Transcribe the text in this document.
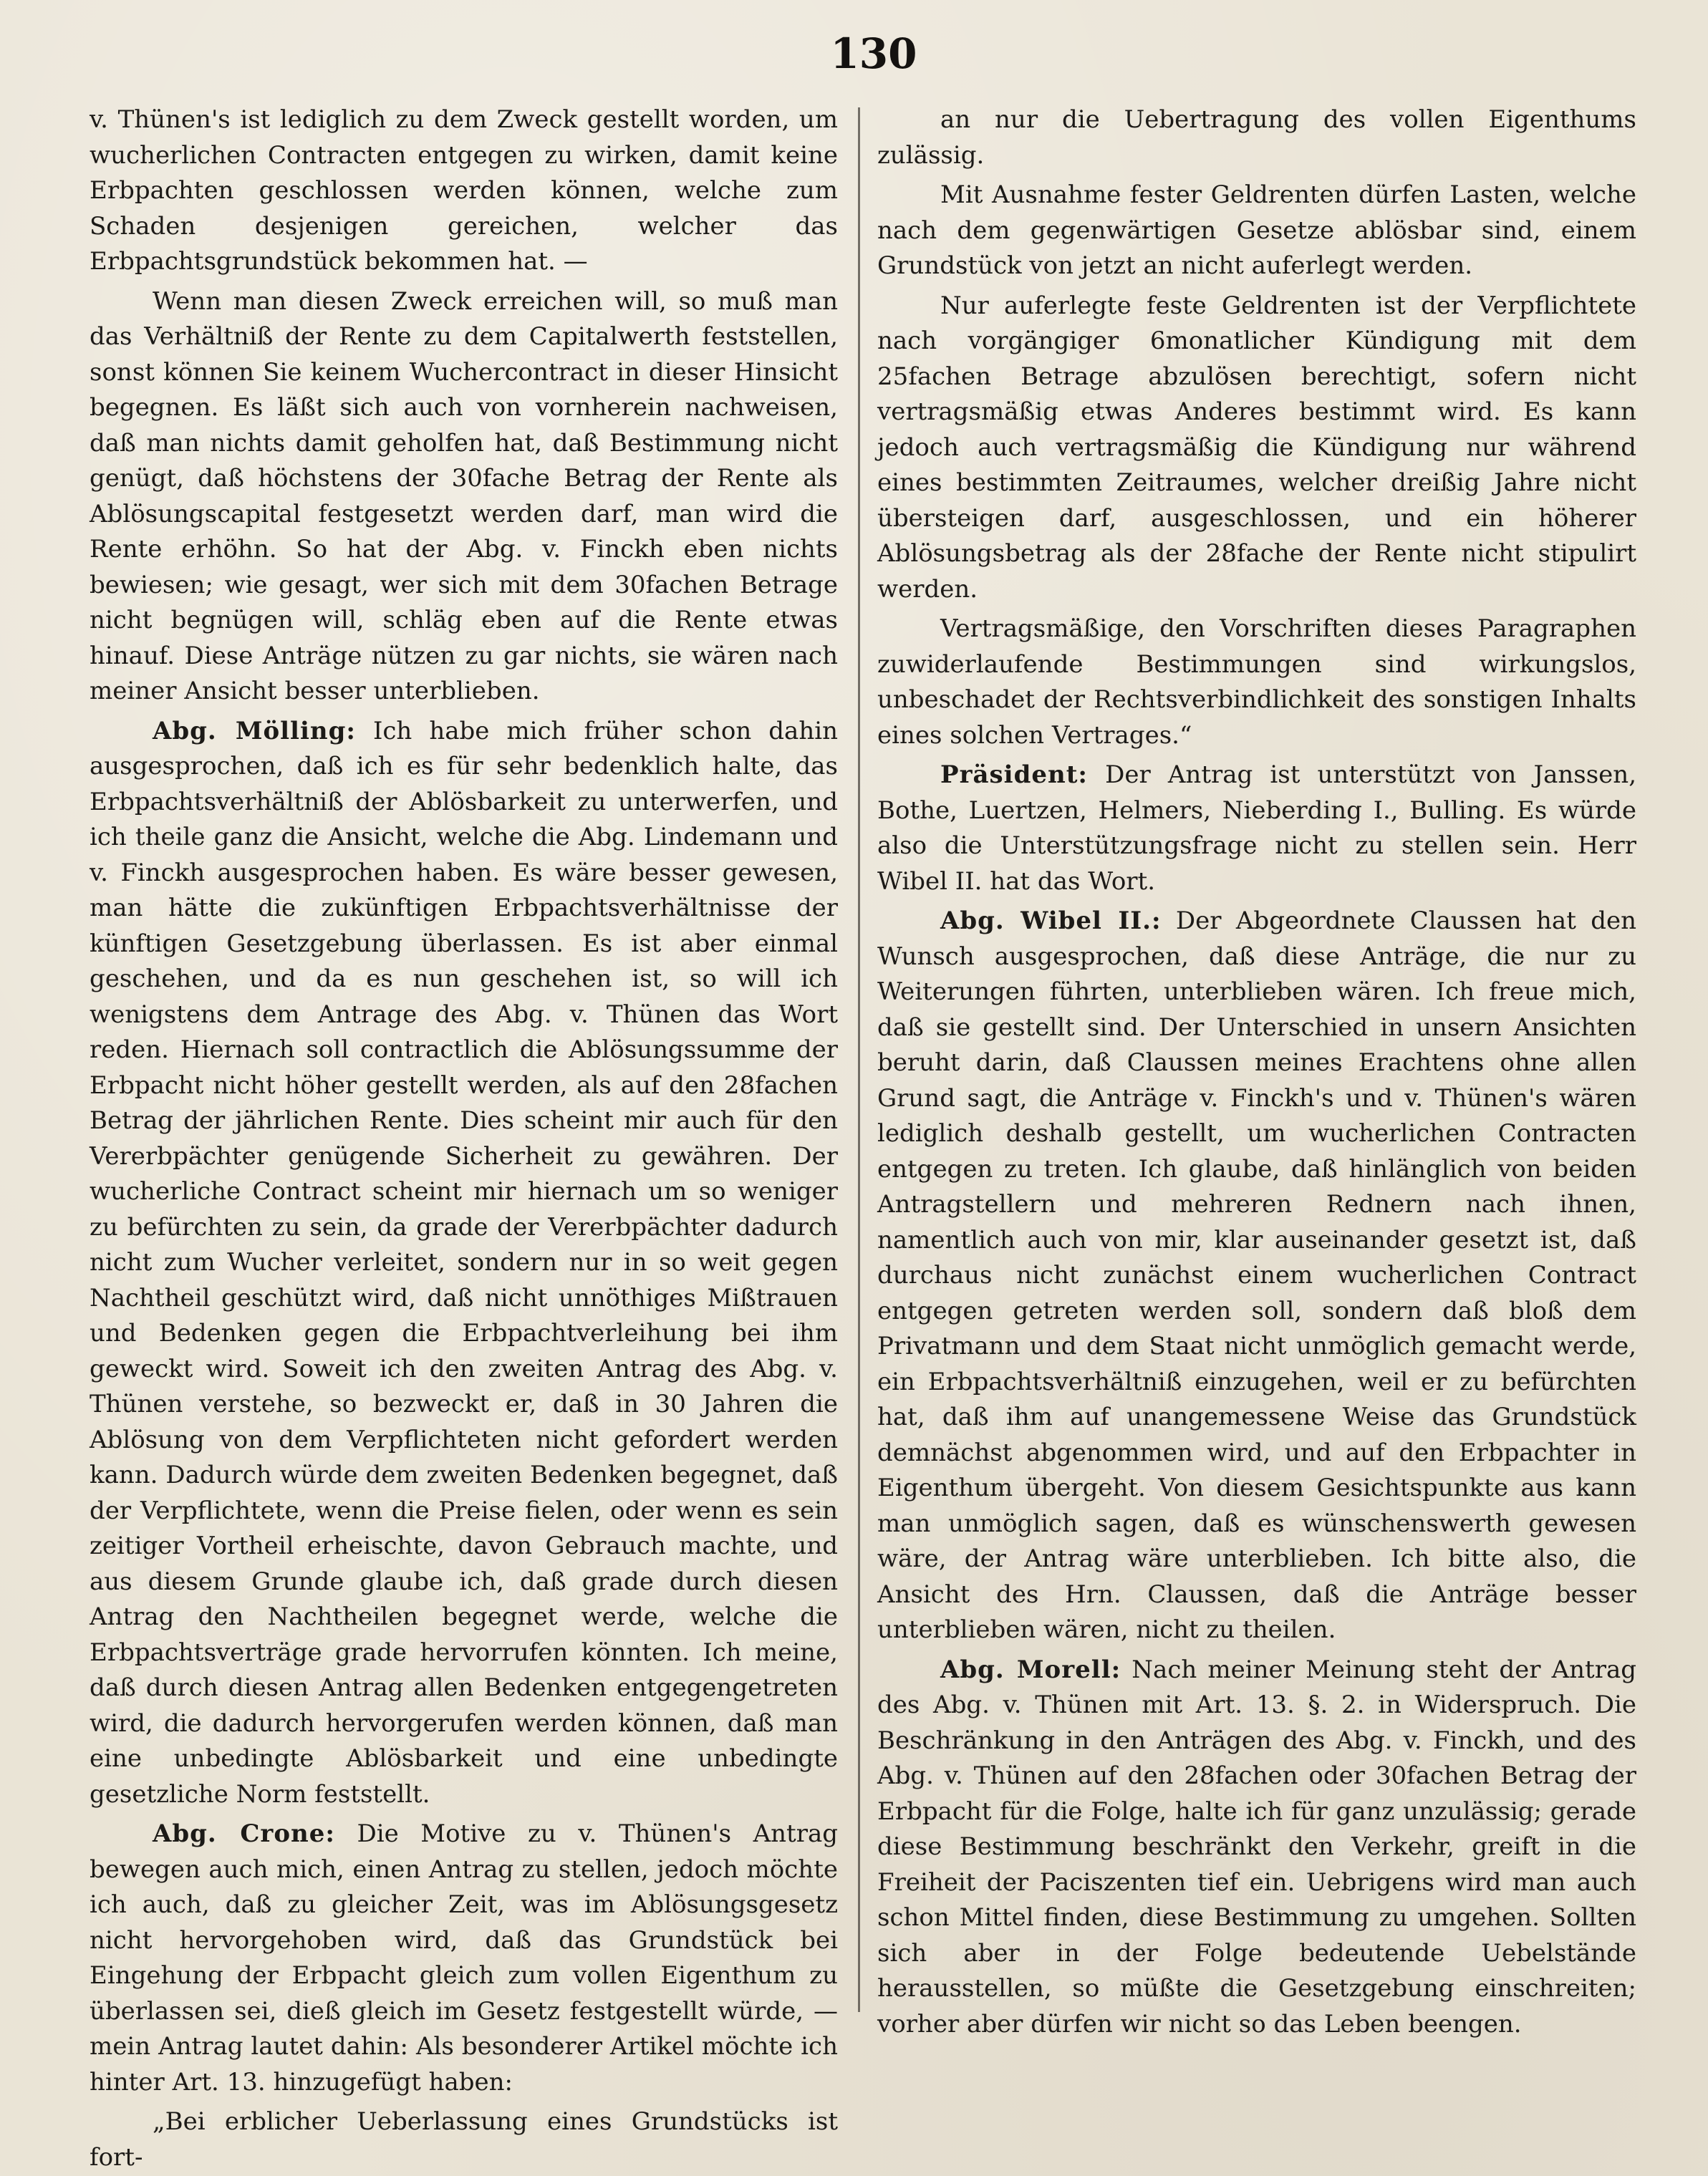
130

v. Thünen's ist lediglich zu dem Zweck gestellt worden, um wucherlichen Contracten entgegen zu wirken, damit keine Erbpachten geschlossen werden können, welche zum Schaden desjenigen gereichen, welcher das Erbpachtsgrundstück bekommen hat. —

Wenn man diesen Zweck erreichen will, so muß man das Verhältniß der Rente zu dem Capitalwerth feststellen, sonst können Sie keinem Wuchercontract in dieser Hinsicht begegnen. Es läßt sich auch von vornherein nachweisen, daß man nichts damit geholfen hat, daß Bestimmung nicht genügt, daß höchstens der 30fache Betrag der Rente als Ablösungscapital festgesetzt werden darf, man wird die Rente erhöhn. So hat der Abg. v. Finckh eben nichts bewiesen; wie gesagt, wer sich mit dem 30fachen Betrage nicht begnügen will, schläg eben auf die Rente etwas hinauf. Diese Anträge nützen zu gar nichts, sie wären nach meiner Ansicht besser unterblieben.

Abg. Mölling: Ich habe mich früher schon dahin ausgesprochen, daß ich es für sehr bedenklich halte, das Erbpachtsverhältniß der Ablösbarkeit zu unterwerfen, und ich theile ganz die Ansicht, welche die Abg. Lindemann und v. Finckh ausgesprochen haben. Es wäre besser gewesen, man hätte die zukünftigen Erbpachtsverhältnisse der künftigen Gesetzgebung überlassen. Es ist aber einmal geschehen, und da es nun geschehen ist, so will ich wenigstens dem Antrage des Abg. v. Thünen das Wort reden. Hiernach soll contractlich die Ablösungssumme der Erbpacht nicht höher gestellt werden, als auf den 28fachen Betrag der jährlichen Rente. Dies scheint mir auch für den Vererbpächter genügende Sicherheit zu gewähren. Der wucherliche Contract scheint mir hiernach um so weniger zu befürchten zu sein, da grade der Vererbpächter dadurch nicht zum Wucher verleitet, sondern nur in so weit gegen Nachtheil geschützt wird, daß nicht unnöthiges Mißtrauen und Bedenken gegen die Erbpachtverleihung bei ihm geweckt wird. Soweit ich den zweiten Antrag des Abg. v. Thünen verstehe, so bezweckt er, daß in 30 Jahren die Ablösung von dem Verpflichteten nicht gefordert werden kann. Dadurch würde dem zweiten Bedenken begegnet, daß der Verpflichtete, wenn die Preise fielen, oder wenn es sein zeitiger Vortheil erheischte, davon Gebrauch machte, und aus diesem Grunde glaube ich, daß grade durch diesen Antrag den Nachtheilen begegnet werde, welche die Erbpachtsverträge grade hervorrufen könnten. Ich meine, daß durch diesen Antrag allen Bedenken entgegengetreten wird, die dadurch hervorgerufen werden können, daß man eine unbedingte Ablösbarkeit und eine unbedingte gesetzliche Norm feststellt.

Abg. Crone: Die Motive zu v. Thünen's Antrag bewegen auch mich, einen Antrag zu stellen, jedoch möchte ich auch, daß zu gleicher Zeit, was im Ablösungsgesetz nicht hervorgehoben wird, daß das Grundstück bei Eingehung der Erbpacht gleich zum vollen Eigenthum zu überlassen sei, dieß gleich im Gesetz festgestellt würde, — mein Antrag lautet dahin: Als besonderer Artikel möchte ich hinter Art. 13. hinzugefügt haben:

„Bei erblicher Ueberlassung eines Grundstücks ist fort-

an nur die Uebertragung des vollen Eigenthums zulässig.

Mit Ausnahme fester Geldrenten dürfen Lasten, welche nach dem gegenwärtigen Gesetze ablösbar sind, einem Grundstück von jetzt an nicht auferlegt werden.

Nur auferlegte feste Geldrenten ist der Verpflichtete nach vorgängiger 6monatlicher Kündigung mit dem 25fachen Betrage abzulösen berechtigt, sofern nicht vertragsmäßig etwas Anderes bestimmt wird. Es kann jedoch auch vertragsmäßig die Kündigung nur während eines bestimmten Zeitraumes, welcher dreißig Jahre nicht übersteigen darf, ausgeschlossen, und ein höherer Ablösungsbetrag als der 28fache der Rente nicht stipulirt werden.

Vertragsmäßige, den Vorschriften dieses Paragraphen zuwiderlaufende Bestimmungen sind wirkungslos, unbeschadet der Rechtsverbindlichkeit des sonstigen Inhalts eines solchen Vertrages.“

Präsident: Der Antrag ist unterstützt von Janssen, Bothe, Luertzen, Helmers, Nieberding I., Bulling. Es würde also die Unterstützungsfrage nicht zu stellen sein. Herr Wibel II. hat das Wort.

Abg. Wibel II.: Der Abgeordnete Claussen hat den Wunsch ausgesprochen, daß diese Anträge, die nur zu Weiterungen führten, unterblieben wären. Ich freue mich, daß sie gestellt sind. Der Unterschied in unsern Ansichten beruht darin, daß Claussen meines Erachtens ohne allen Grund sagt, die Anträge v. Finckh's und v. Thünen's wären lediglich deshalb gestellt, um wucherlichen Contracten entgegen zu treten. Ich glaube, daß hinlänglich von beiden Antragstellern und mehreren Rednern nach ihnen, namentlich auch von mir, klar auseinander gesetzt ist, daß durchaus nicht zunächst einem wucherlichen Contract entgegen getreten werden soll, sondern daß bloß dem Privatmann und dem Staat nicht unmöglich gemacht werde, ein Erbpachtsverhältniß einzugehen, weil er zu befürchten hat, daß ihm auf unangemessene Weise das Grundstück demnächst abgenommen wird, und auf den Erbpachter in Eigenthum übergeht. Von diesem Gesichtspunkte aus kann man unmöglich sagen, daß es wünschenswerth gewesen wäre, der Antrag wäre unterblieben. Ich bitte also, die Ansicht des Hrn. Claussen, daß die Anträge besser unterblieben wären, nicht zu theilen.

Abg. Morell: Nach meiner Meinung steht der Antrag des Abg. v. Thünen mit Art. 13. §. 2. in Widerspruch. Die Beschränkung in den Anträgen des Abg. v. Finckh, und des Abg. v. Thünen auf den 28fachen oder 30fachen Betrag der Erbpacht für die Folge, halte ich für ganz unzulässig; gerade diese Bestimmung beschränkt den Verkehr, greift in die Freiheit der Paciszenten tief ein. Uebrigens wird man auch schon Mittel finden, diese Bestimmung zu umgehen. Sollten sich aber in der Folge bedeutende Uebelstände herausstellen, so müßte die Gesetzgebung einschreiten; vorher aber dürfen wir nicht so das Leben beengen.
